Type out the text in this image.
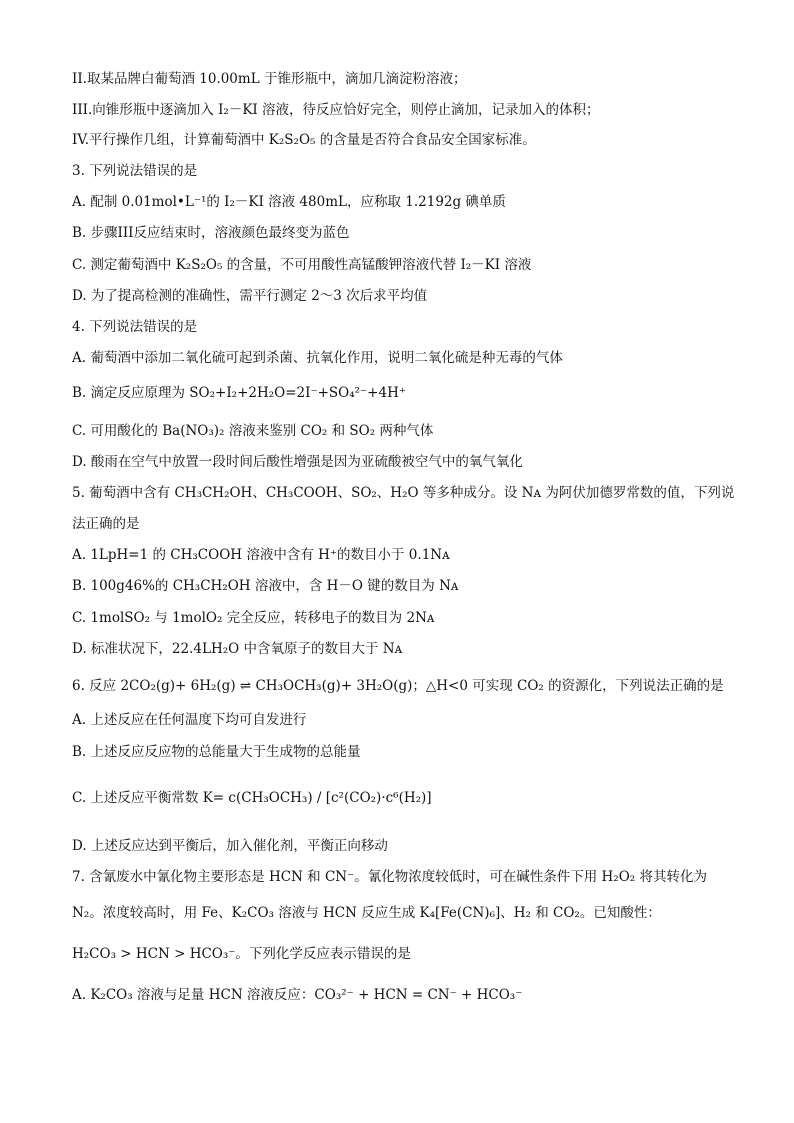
II.取某品牌白葡萄酒 10.00mL 于锥形瓶中，滴加几滴淀粉溶液；
III.向锥形瓶中逐滴加入 I₂－KI 溶液，待反应恰好完全，则停止滴加，记录加入的体积；
IV.平行操作几组，计算葡萄酒中 K₂S₂O₅ 的含量是否符合食品安全国家标准。
3. 下列说法错误的是
A. 配制 0.01mol•L⁻¹的 I₂－KI 溶液 480mL，应称取 1.2192g 碘单质
B. 步骤III反应结束时，溶液颜色最终变为蓝色
C. 测定葡萄酒中 K₂S₂O₅ 的含量，不可用酸性高锰酸钾溶液代替 I₂－KI 溶液
D. 为了提高检测的准确性，需平行测定 2～3 次后求平均值
4. 下列说法错误的是
A. 葡萄酒中添加二氧化硫可起到杀菌、抗氧化作用，说明二氧化硫是种无毒的气体
B. 滴定反应原理为 SO₂+I₂+2H₂O=2I⁻+SO₄²⁻+4H⁺
C. 可用酸化的 Ba(NO₃)₂ 溶液来鉴别 CO₂ 和 SO₂ 两种气体
D. 酸雨在空气中放置一段时间后酸性增强是因为亚硫酸被空气中的氧气氧化
5. 葡萄酒中含有 CH₃CH₂OH、CH₃COOH、SO₂、H₂O 等多种成分。设 Nᴀ 为阿伏加德罗常数的值，下列说
法正确的是
A. 1LpH=1 的 CH₃COOH 溶液中含有 H⁺的数目小于 0.1Nᴀ
B. 100g46%的 CH₃CH₂OH 溶液中，含 H－O 键的数目为 Nᴀ
C. 1molSO₂ 与 1molO₂ 完全反应，转移电子的数目为 2Nᴀ
D. 标准状况下，22.4LH₂O 中含氧原子的数目大于 Nᴀ
6. 反应 2CO₂(g)+ 6H₂(g) ⇌ CH₃OCH₃(g)+ 3H₂O(g)；△H<0 可实现 CO₂ 的资源化，下列说法正确的是
A. 上述反应在任何温度下均可自发进行
B. 上述反应反应物的总能量大于生成物的总能量
C. 上述反应平衡常数 K= c(CH₃OCH₃) / [c²(CO₂)·c⁶(H₂)]
D. 上述反应达到平衡后，加入催化剂，平衡正向移动
7. 含氰废水中氰化物主要形态是 HCN 和 CN⁻。氰化物浓度较低时，可在碱性条件下用 H₂O₂ 将其转化为
N₂。浓度较高时，用 Fe、K₂CO₃ 溶液与 HCN 反应生成 K₄[Fe(CN)₆]、H₂ 和 CO₂。已知酸性：
H₂CO₃ > HCN > HCO₃⁻。下列化学反应表示错误的是
A. K₂CO₃ 溶液与足量 HCN 溶液反应：CO₃²⁻ + HCN = CN⁻ + HCO₃⁻
